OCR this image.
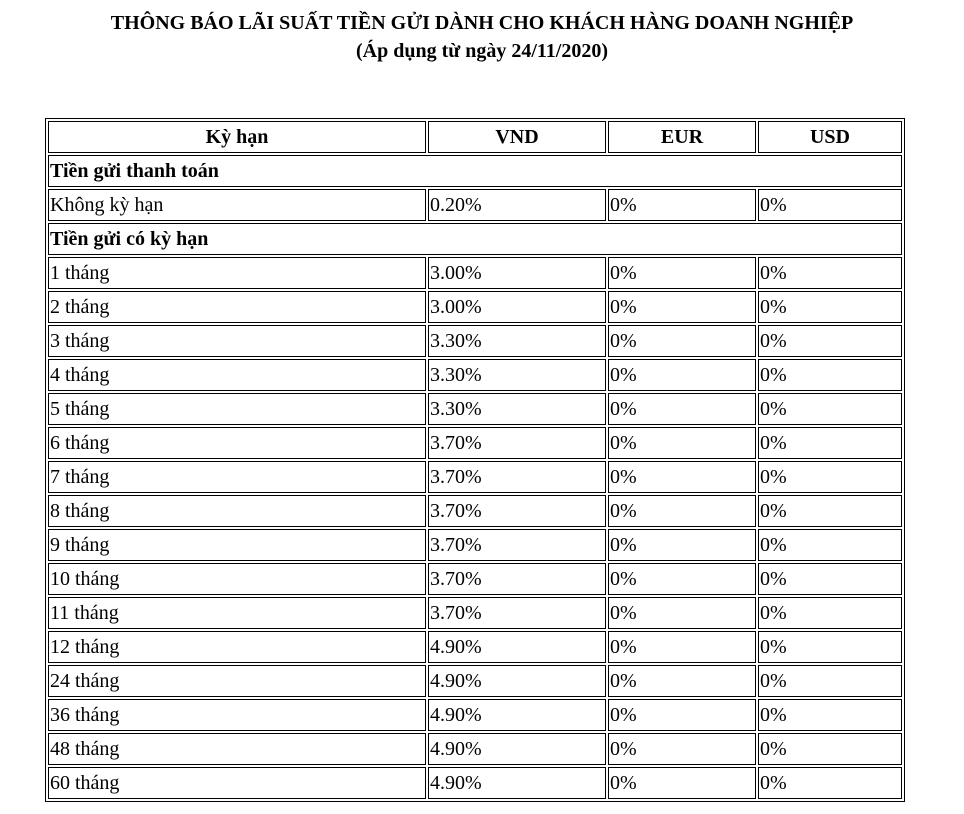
THÔNG BÁO LÃI SUẤT TIỀN GỬI DÀNH CHO KHÁCH HÀNG DOANH NGHIỆP
(Áp dụng từ ngày 24/11/2020)
Kỳ hạn	VND	EUR	USD
Tiền gửi thanh toán			
Không kỳ hạn	0.20%	0%	0%
Tiền gửi có kỳ hạn			
1 tháng	3.00%	0%	0%
2 tháng	3.00%	0%	0%
3 tháng	3.30%	0%	0%
4 tháng	3.30%	0%	0%
5 tháng	3.30%	0%	0%
6 tháng	3.70%	0%	0%
7 tháng	3.70%	0%	0%
8 tháng	3.70%	0%	0%
9 tháng	3.70%	0%	0%
10 tháng	3.70%	0%	0%
11 tháng	3.70%	0%	0%
12 tháng	4.90%	0%	0%
24 tháng	4.90%	0%	0%
36 tháng	4.90%	0%	0%
48 tháng	4.90%	0%	0%
60 tháng	4.90%	0%	0%
